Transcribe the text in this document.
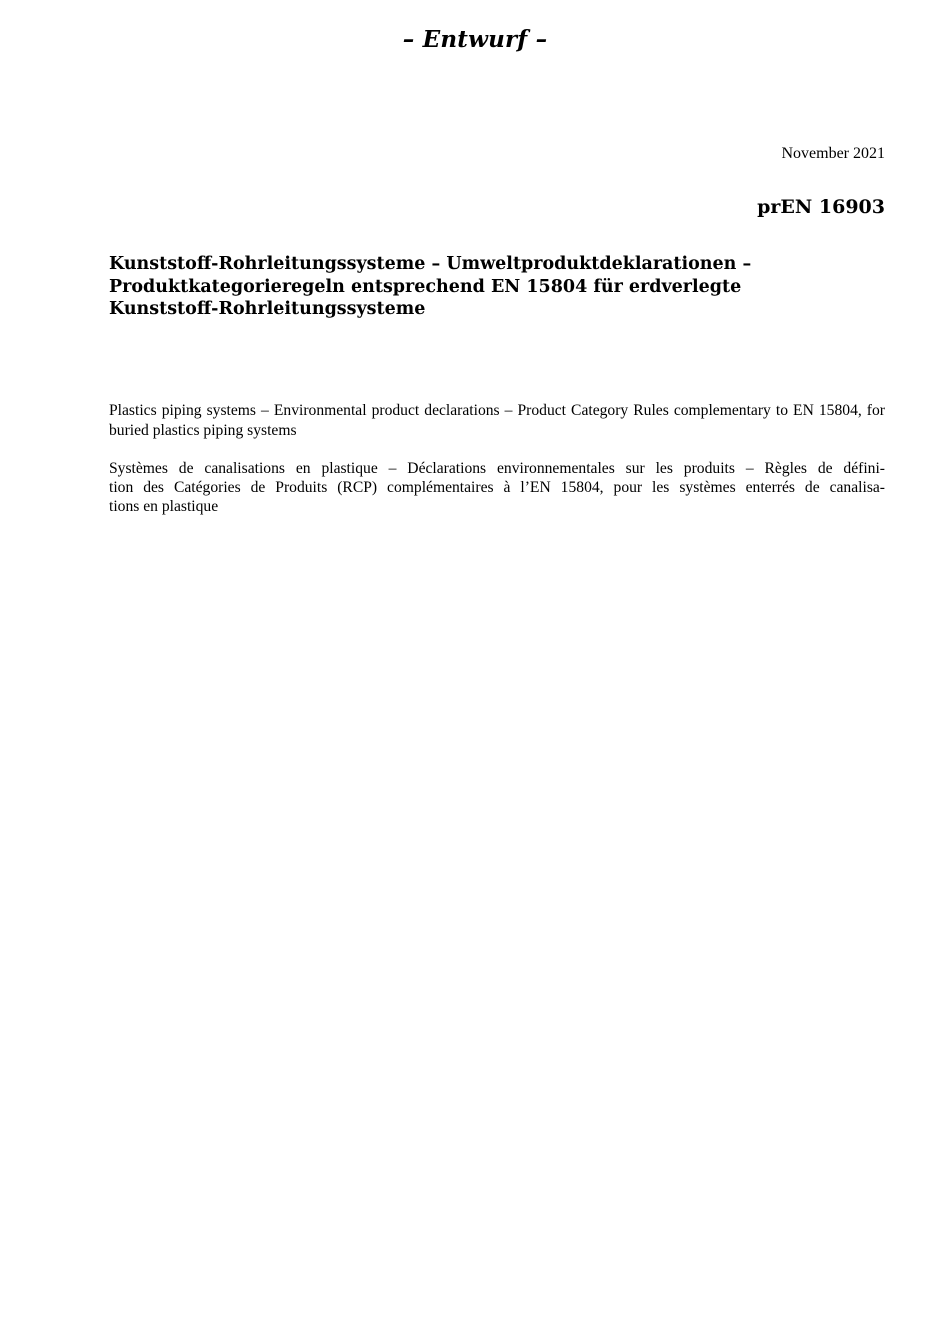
– Entwurf –
November 2021
prEN 16903
Kunststoff-Rohrleitungssysteme – Umweltproduktdeklarationen –
Produktkategorieregeln entsprechend EN 15804 für erdverlegte
Kunststoff-Rohrleitungssysteme

Plastics piping systems – Environmental product declarations – Product Category Rules complementary to EN 15804, for buried plastics piping systems

Systèmes de canalisations en plastique – Déclarations environnementales sur les produits – Règles de défini-
tion des Catégories de Produits (RCP) complémentaires à l’EN 15804, pour les systèmes enterrés de canalisa-
tions en plastique
